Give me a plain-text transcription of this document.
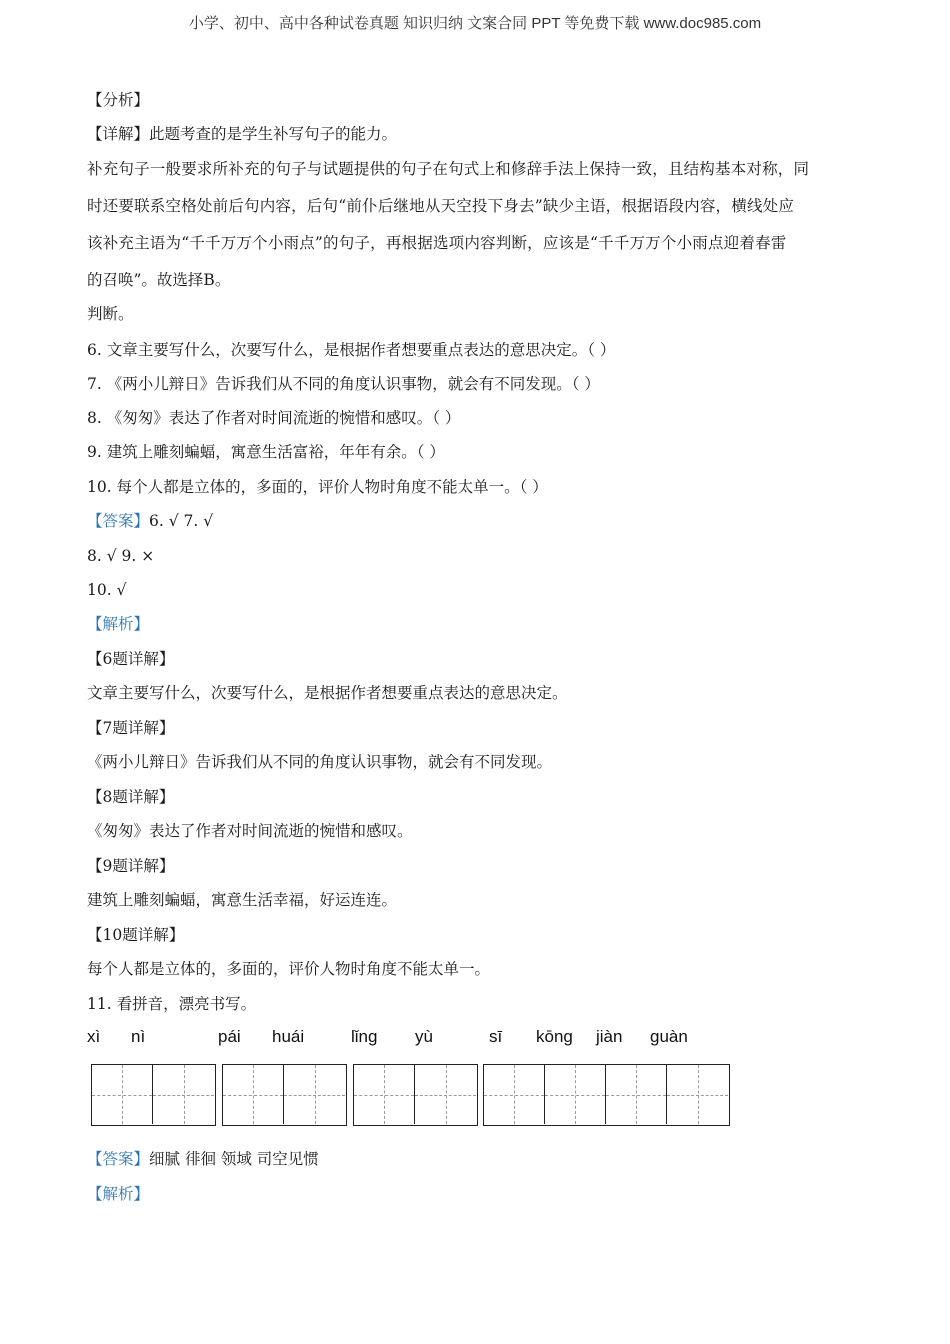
小学、初中、高中各种试卷真题 知识归纳 文案合同 PPT 等免费下载 www.doc985.com
【分析】
【详解】此题考查的是学生补写句子的能力。
补充句子一般要求所补充的句子与试题提供的句子在句式上和修辞手法上保持一致，且结构基本对称，同
时还要联系空格处前后句内容，后句“前仆后继地从天空投下身去”缺少主语，根据语段内容，横线处应
该补充主语为“千千万万个小雨点”的句子，再根据选项内容判断，应该是“千千万万个小雨点迎着春雷
的召唤”。故选择B。
判断。
6. 文章主要写什么，次要写什么，是根据作者想要重点表达的意思决定。（ ）
7. 《两小儿辩日》告诉我们从不同的角度认识事物，就会有不同发现。（ ）
8. 《匆匆》表达了作者对时间流逝的惋惜和感叹。（ ）
9. 建筑上雕刻蝙蝠，寓意生活富裕，年年有余。（ ）
10. 每个人都是立体的，多面的，评价人物时角度不能太单一。（ ）
【答案】6. √ 7. √
8. √ 9. ×
10. √
【解析】
【6题详解】
文章主要写什么，次要写什么，是根据作者想要重点表达的意思决定。
【7题详解】
《两小儿辩日》告诉我们从不同的角度认识事物，就会有不同发现。
【8题详解】
《匆匆》表达了作者对时间流逝的惋惜和感叹。
【9题详解】
建筑上雕刻蝙蝠，寓意生活幸福，好运连连。
【10题详解】
每个人都是立体的，多面的，评价人物时角度不能太单一。
11. 看拼音，漂亮书写。
xì nì	pái huái	lǐng yù	sī kōng jiàn guàn
【答案】细腻 徘徊 领域 司空见惯
【解析】
